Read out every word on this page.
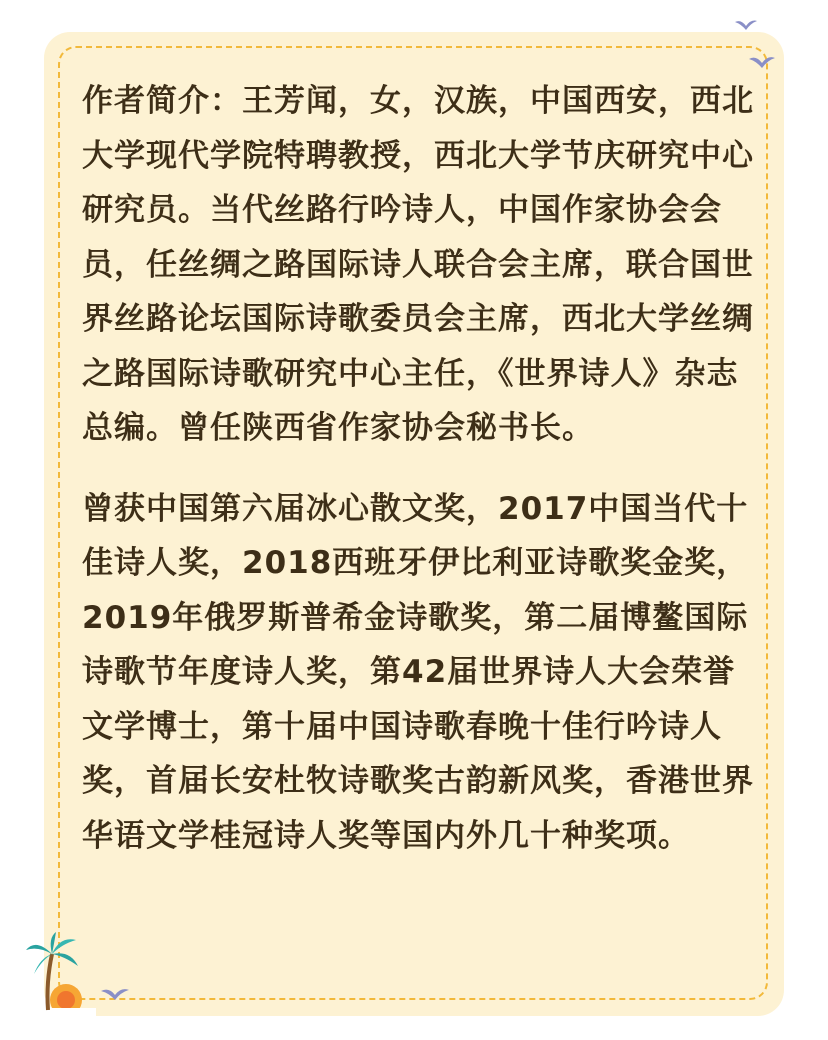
作者简介：王芳闻，女，汉族，中国西安，西北大学现代学院特聘教授，西北大学节庆研究中心研究员。当代丝路行吟诗人，中国作家协会会员，任丝绸之路国际诗人联合会主席，联合国世界丝路论坛国际诗歌委员会主席，西北大学丝绸之路国际诗歌研究中心主任，《世界诗人》杂志总编。曾任陕西省作家协会秘书长。

曾获中国第六届冰心散文奖，2017中国当代十佳诗人奖，2018西班牙伊比利亚诗歌奖金奖，2019年俄罗斯普希金诗歌奖，第二届博鳌国际诗歌节年度诗人奖，第42届世界诗人大会荣誉文学博士，第十届中国诗歌春晚十佳行吟诗人奖，首届长安杜牧诗歌奖古韵新风奖，香港世界华语文学桂冠诗人奖等国内外几十种奖项。
